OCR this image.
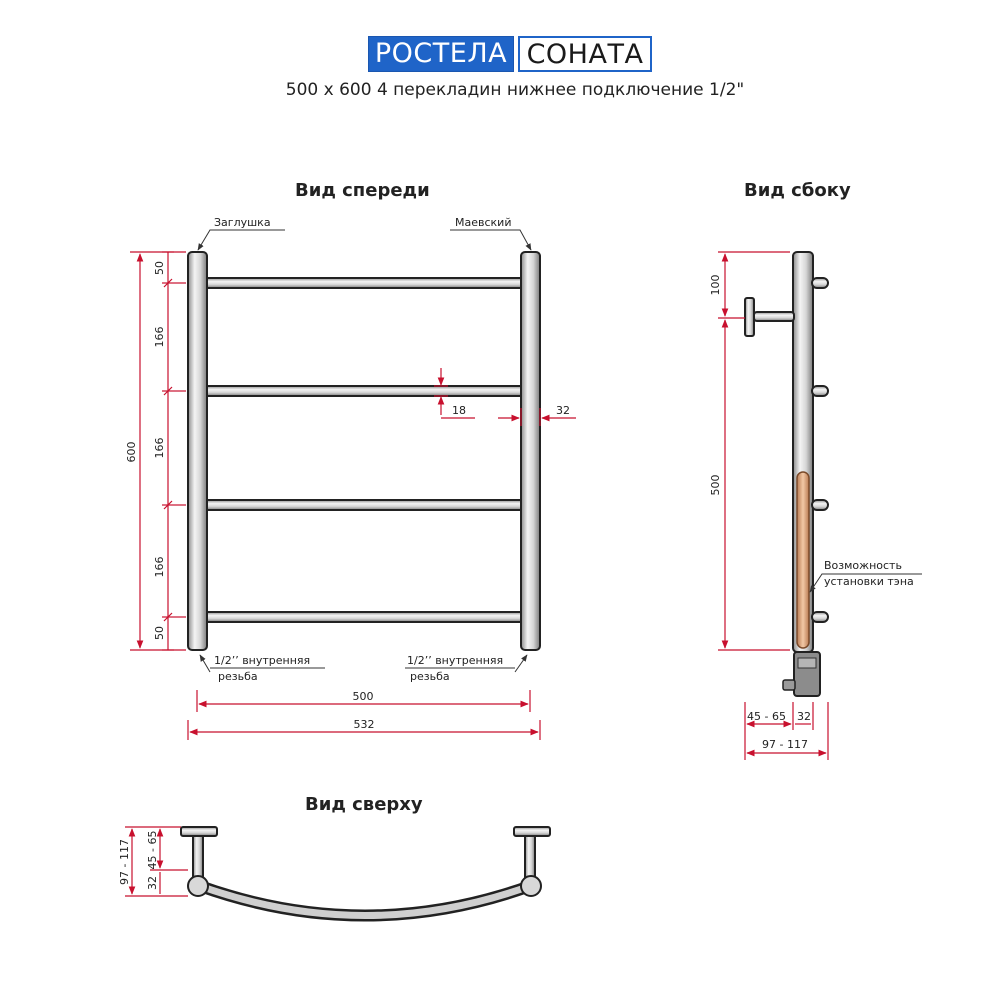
РОСТЕЛА СОНАТА
500 x 600 4 перекладин нижнее подключение 1/2"
Вид спереди	Вид сбоку
Вид сверху
Заглушка	Маевский
1/2’’ внутренняя
резьба
1/2’’ внутренняя
резьба
600
50
166
166
166
50
18	32
500
532
Возможность
установки тэна
100
500
45 - 65 32
97 - 117
97 - 117 45 - 65
32
